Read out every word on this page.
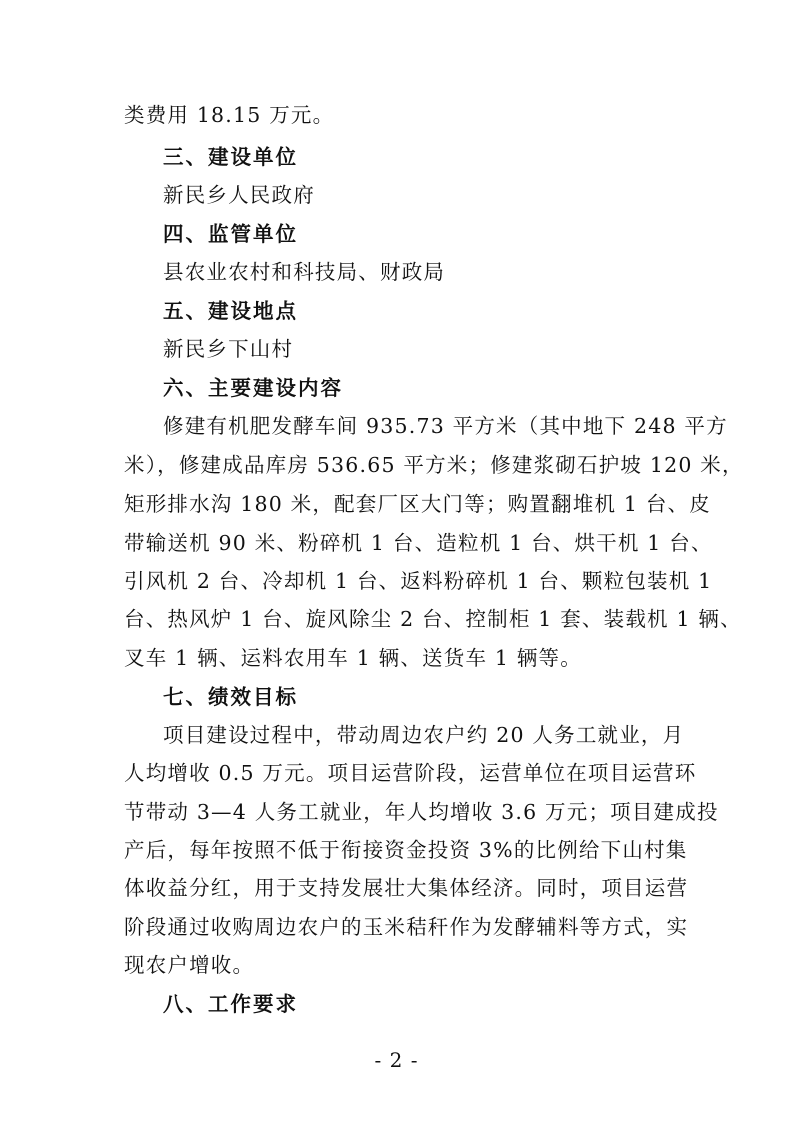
类费用 18.15 万元。
三、建设单位
新民乡人民政府
四、监管单位
县农业农村和科技局、财政局
五、建设地点
新民乡下山村
六、主要建设内容
修建有机肥发酵车间 935.73 平方米（其中地下 248 平方
米），修建成品库房 536.65 平方米；修建浆砌石护坡 120 米，
矩形排水沟 180 米，配套厂区大门等；购置翻堆机 1 台、皮
带输送机 90 米、粉碎机 1 台、造粒机 1 台、烘干机 1 台、
引风机 2 台、冷却机 1 台、返料粉碎机 1 台、颗粒包装机 1
台、热风炉 1 台、旋风除尘 2 台、控制柜 1 套、装载机 1 辆、
叉车 1 辆、运料农用车 1 辆、送货车 1 辆等。
七、绩效目标
项目建设过程中，带动周边农户约 20 人务工就业，月
人均增收 0.5 万元。项目运营阶段，运营单位在项目运营环
节带动 3—4 人务工就业，年人均增收 3.6 万元；项目建成投
产后，每年按照不低于衔接资金投资 3%的比例给下山村集
体收益分红，用于支持发展壮大集体经济。同时，项目运营
阶段通过收购周边农户的玉米秸秆作为发酵辅料等方式，实
现农户增收。
八、工作要求
- 2 -
